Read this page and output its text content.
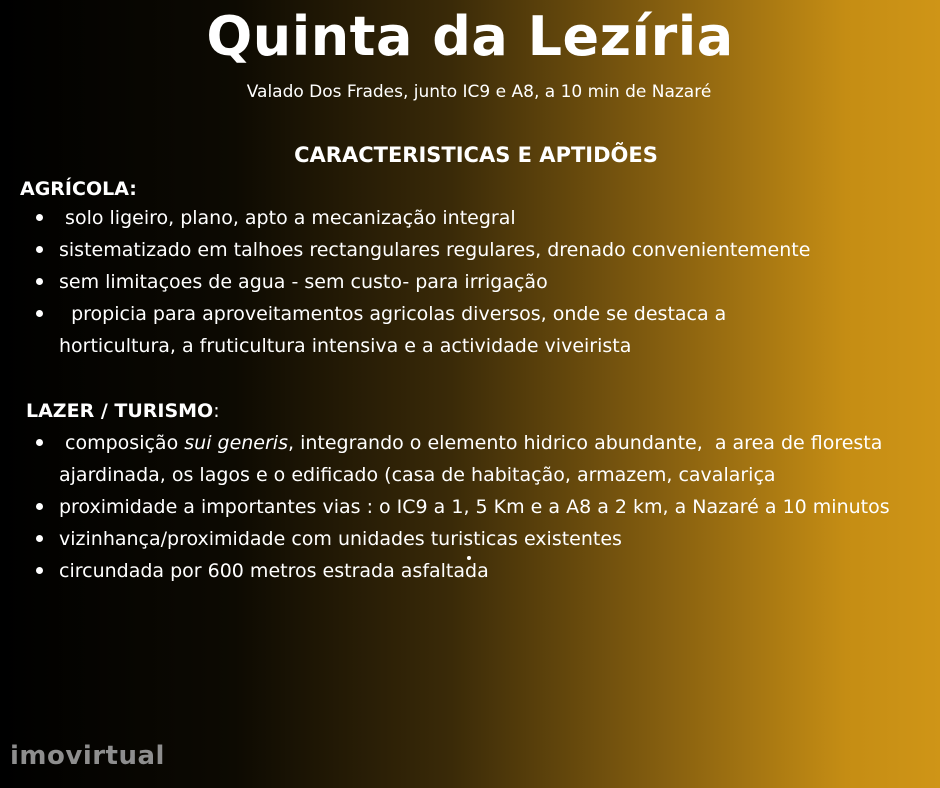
Quinta da Lezíria
Valado Dos Frades, junto IC9 e A8, a 10 min de Nazaré
CARACTERISTICAS E APTIDÕES
AGRÍCOLA:
solo ligeiro, plano, apto a mecanização integral
sistematizado em talhoes rectangulares regulares, drenado convenientemente
sem limitaçoes de agua - sem custo- para irrigação
propicia para aproveitamentos agricolas diversos, onde se destaca a horticultura, a fruticultura intensiva e a actividade viveirista
LAZER / TURISMO:
composição sui generis, integrando o elemento hidrico abundante,  a area de floresta ajardinada, os lagos e o edificado (casa de habitação, armazem, cavalariça
proximidade a importantes vias : o IC9 a 1, 5 Km e a A8 a 2 km, a Nazaré a 10 minutos
vizinhança/proximidade com unidades turisticas existentes
circundada por 600 metros estrada asfaltada
imovirtual
